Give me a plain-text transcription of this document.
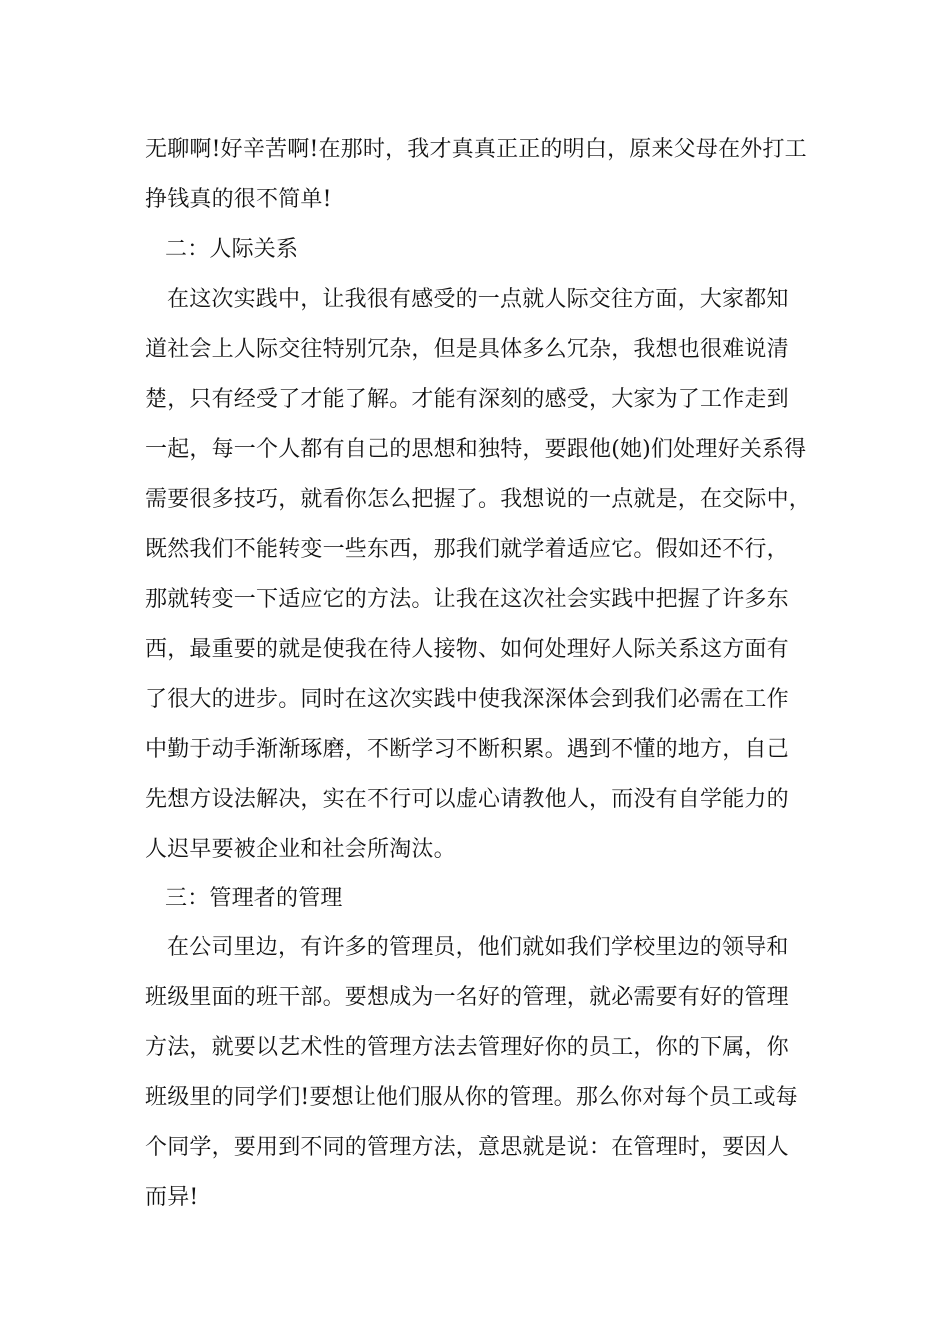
无聊啊!好辛苦啊!在那时，我才真真正正的明白，原来父母在外打工
挣钱真的很不简单!
二：人际关系
在这次实践中，让我很有感受的一点就人际交往方面，大家都知
道社会上人际交往特别冗杂，但是具体多么冗杂，我想也很难说清
楚，只有经受了才能了解。才能有深刻的感受，大家为了工作走到
一起，每一个人都有自己的思想和独特，要跟他(她)们处理好关系得
需要很多技巧，就看你怎么把握了。我想说的一点就是，在交际中，
既然我们不能转变一些东西，那我们就学着适应它。假如还不行，
那就转变一下适应它的方法。让我在这次社会实践中把握了许多东
西，最重要的就是使我在待人接物、如何处理好人际关系这方面有
了很大的进步。同时在这次实践中使我深深体会到我们必需在工作
中勤于动手渐渐琢磨，不断学习不断积累。遇到不懂的地方，自己
先想方设法解决，实在不行可以虚心请教他人，而没有自学能力的
人迟早要被企业和社会所淘汰。
三：管理者的管理
在公司里边，有许多的管理员，他们就如我们学校里边的领导和
班级里面的班干部。要想成为一名好的管理，就必需要有好的管理
方法，就要以艺术性的管理方法去管理好你的员工，你的下属，你
班级里的同学们!要想让他们服从你的管理。那么你对每个员工或每
个同学，要用到不同的管理方法，意思就是说：在管理时，要因人
而异!
